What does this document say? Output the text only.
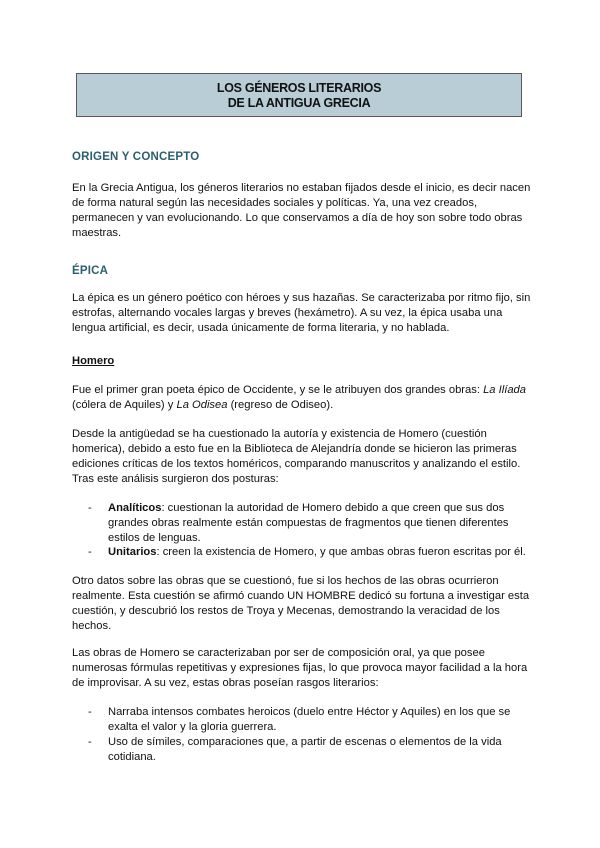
LOS GÉNEROS LITERARIOS
DE LA ANTIGUA GRECIA
ORIGEN Y CONCEPTO
En la Grecia Antigua, los géneros literarios no estaban fijados desde el inicio, es decir nacen
de forma natural según las necesidades sociales y políticas. Ya, una vez creados,
permanecen y van evolucionando. Lo que conservamos a día de hoy son sobre todo obras
maestras.
ÉPICA
La épica es un género poético con héroes y sus hazañas. Se caracterizaba por ritmo fijo, sin
estrofas, alternando vocales largas y breves (hexámetro). A su vez, la épica usaba una
lengua artificial, es decir, usada únicamente de forma literaria, y no hablada.
Homero
Fue el primer gran poeta épico de Occidente, y se le atribuyen dos grandes obras: La Ilíada
(cólera de Aquiles) y La Odisea (regreso de Odiseo).
Desde la antigüedad se ha cuestionado la autoría y existencia de Homero (cuestión
homerica), debido a esto fue en la Biblioteca de Alejandría donde se hicieron las primeras
ediciones críticas de los textos homéricos, comparando manuscritos y analizando el estilo.
Tras este análisis surgieron dos posturas:
- Analíticos: cuestionan la autoridad de Homero debido a que creen que sus dos
grandes obras realmente están compuestas de fragmentos que tienen diferentes
estilos de lenguas.
- Unitarios: creen la existencia de Homero, y que ambas obras fueron escritas por él.
Otro datos sobre las obras que se cuestionó, fue si los hechos de las obras ocurrieron
realmente. Esta cuestión se afirmó cuando UN HOMBRE dedicó su fortuna a investigar esta
cuestión, y descubrió los restos de Troya y Mecenas, demostrando la veracidad de los
hechos.
Las obras de Homero se caracterizaban por ser de composición oral, ya que posee
numerosas fórmulas repetitivas y expresiones fijas, lo que provoca mayor facilidad a la hora
de improvisar. A su vez, estas obras poseían rasgos literarios:
- Narraba intensos combates heroicos (duelo entre Héctor y Aquiles) en los que se
exalta el valor y la gloria guerrera.
- Uso de símiles, comparaciones que, a partir de escenas o elementos de la vida
cotidiana.
